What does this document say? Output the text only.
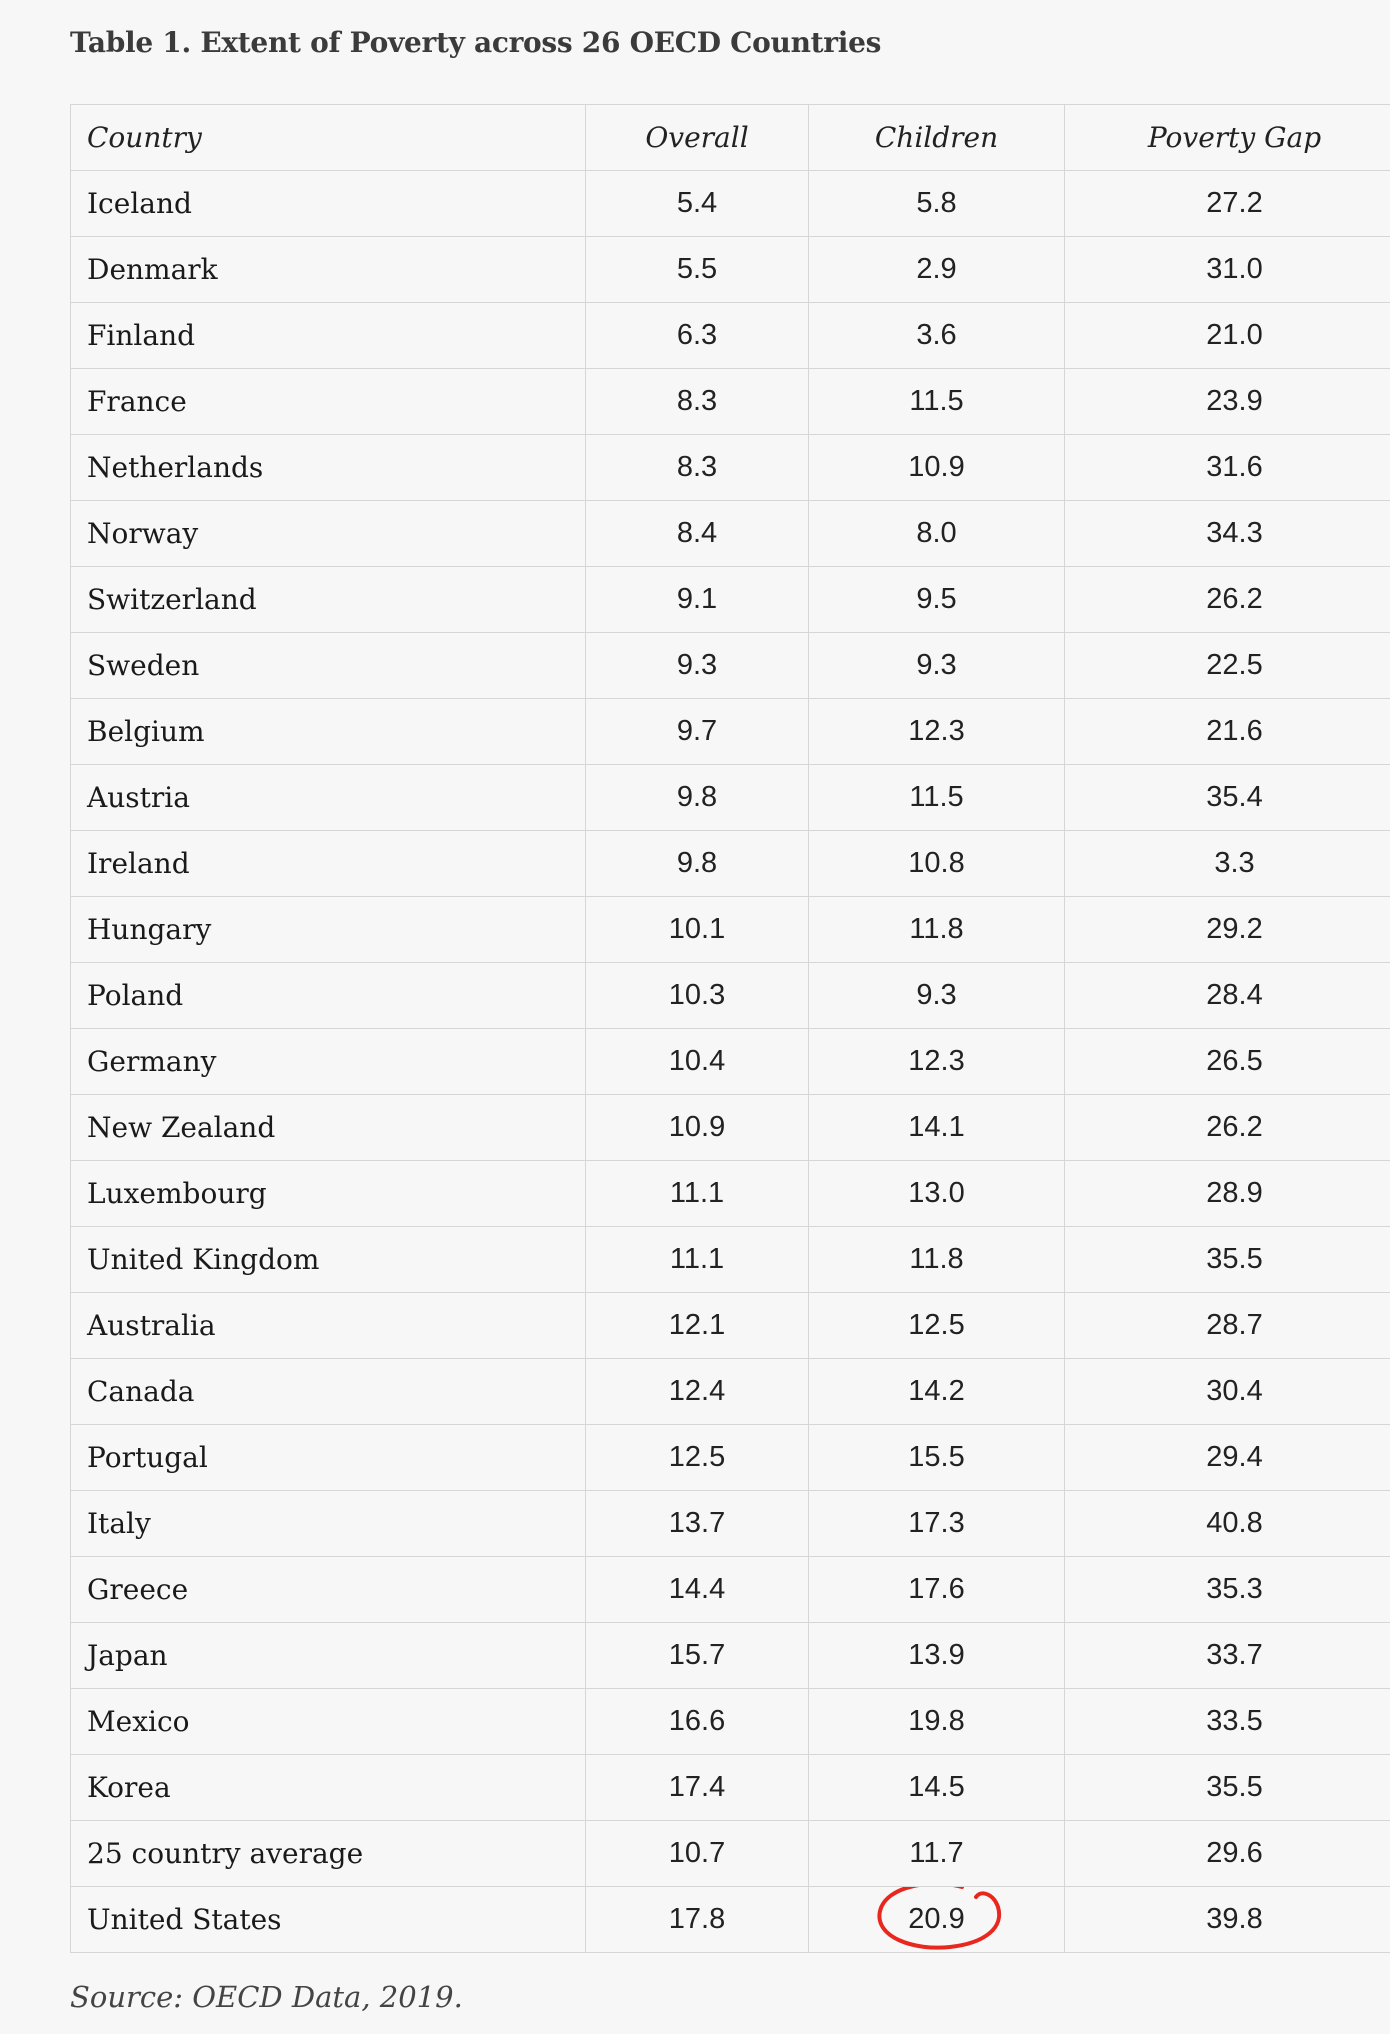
Table 1. Extent of Poverty across 26 OECD Countries
Country	Overall	Children	Poverty Gap
Iceland	5.4	5.8	27.2
Denmark	5.5	2.9	31.0
Finland	6.3	3.6	21.0
France	8.3	11.5	23.9
Netherlands	8.3	10.9	31.6
Norway	8.4	8.0	34.3
Switzerland	9.1	9.5	26.2
Sweden	9.3	9.3	22.5
Belgium	9.7	12.3	21.6
Austria	9.8	11.5	35.4
Ireland	9.8	10.8	3.3
Hungary	10.1	11.8	29.2
Poland	10.3	9.3	28.4
Germany	10.4	12.3	26.5
New Zealand	10.9	14.1	26.2
Luxembourg	11.1	13.0	28.9
United Kingdom	11.1	11.8	35.5
Australia	12.1	12.5	28.7
Canada	12.4	14.2	30.4
Portugal	12.5	15.5	29.4
Italy	13.7	17.3	40.8
Greece	14.4	17.6	35.3
Japan	15.7	13.9	33.7
Mexico	16.6	19.8	33.5
Korea	17.4	14.5	35.5
25 country average	10.7	11.7	29.6
United States	17.8	20.9	39.8
Source: OECD Data, 2019.
